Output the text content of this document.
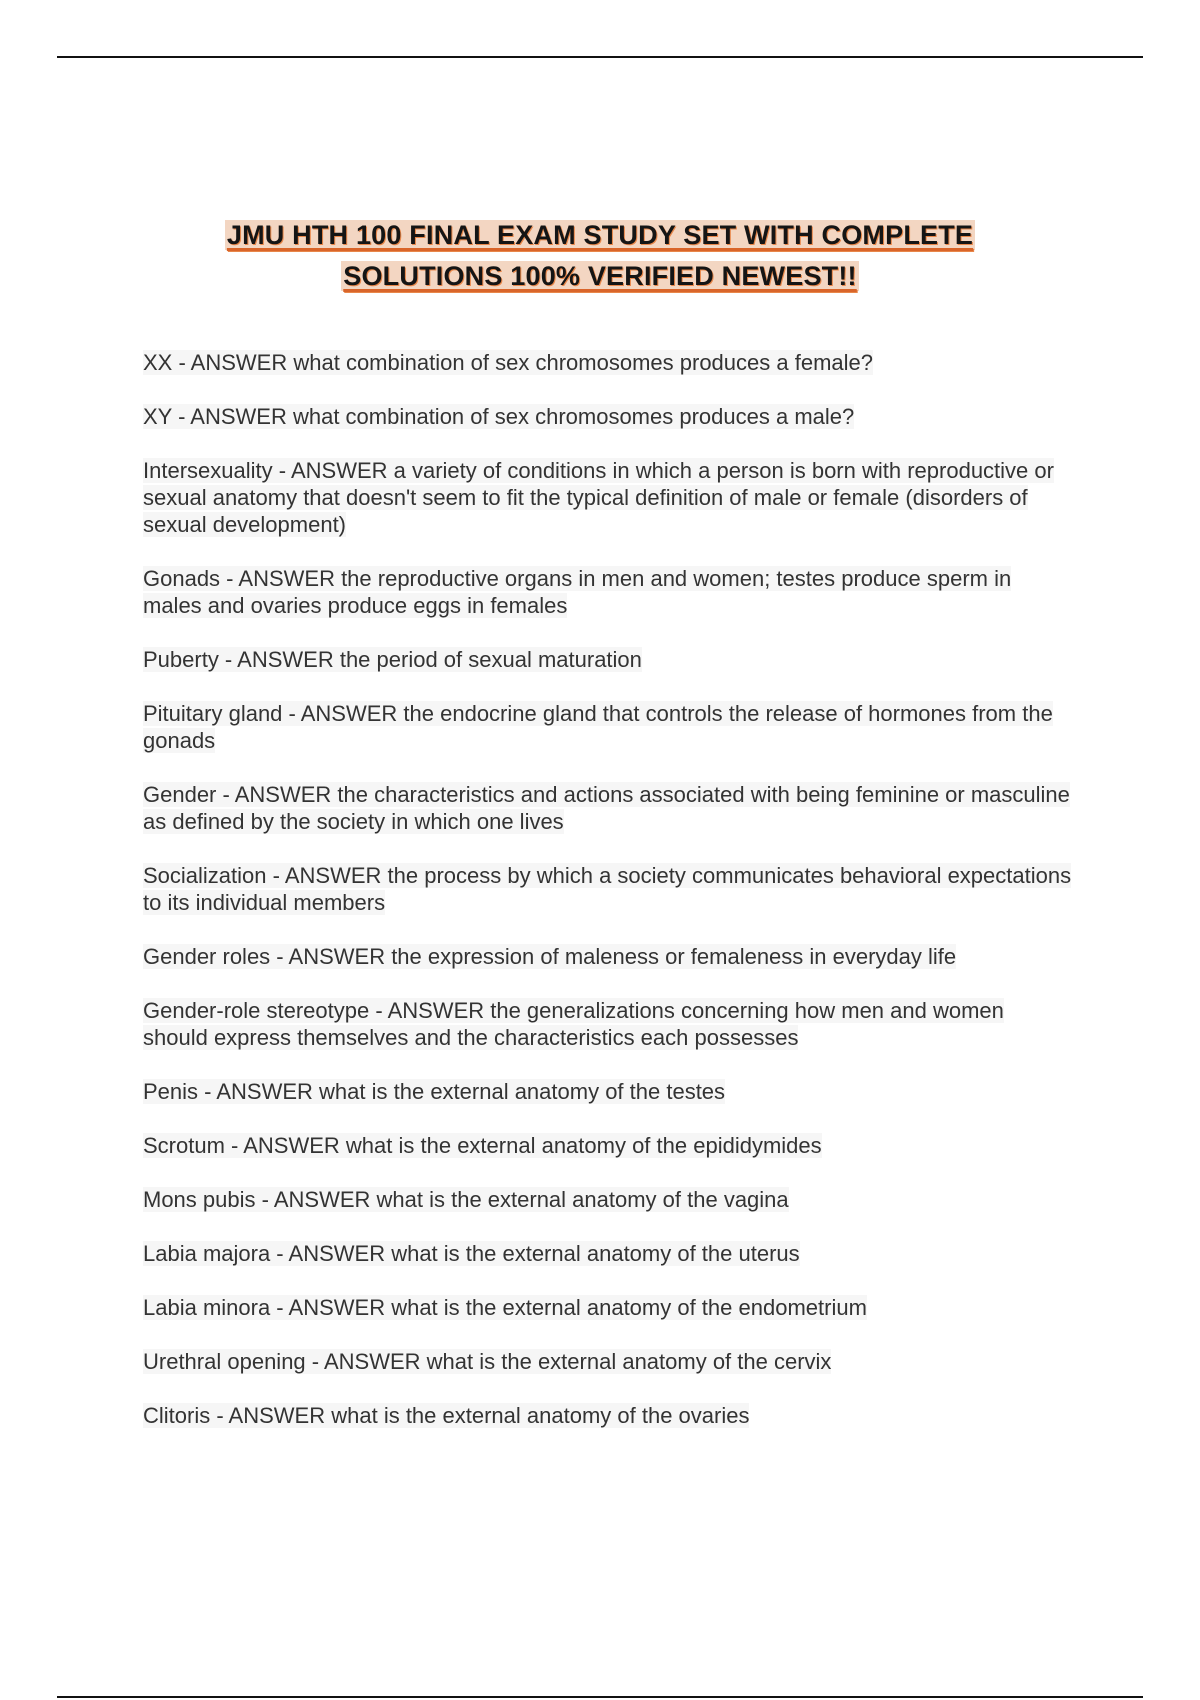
JMU HTH 100 FINAL EXAM STUDY SET WITH COMPLETE
SOLUTIONS 100% VERIFIED NEWEST!!
XX - ANSWER what combination of sex chromosomes produces a female?
XY - ANSWER what combination of sex chromosomes produces a male?
Intersexuality - ANSWER a variety of conditions in which a person is born with reproductive or sexual anatomy that doesn't seem to fit the typical definition of male or female (disorders of sexual development)
Gonads - ANSWER the reproductive organs in men and women; testes produce sperm in males and ovaries produce eggs in females
Puberty - ANSWER the period of sexual maturation
Pituitary gland - ANSWER the endocrine gland that controls the release of hormones from the gonads
Gender - ANSWER the characteristics and actions associated with being feminine or masculine as defined by the society in which one lives
Socialization - ANSWER the process by which a society communicates behavioral expectations to its individual members
Gender roles - ANSWER the expression of maleness or femaleness in everyday life
Gender-role stereotype - ANSWER the generalizations concerning how men and women should express themselves and the characteristics each possesses
Penis - ANSWER what is the external anatomy of the testes
Scrotum - ANSWER what is the external anatomy of the epididymides
Mons pubis - ANSWER what is the external anatomy of the vagina
Labia majora - ANSWER what is the external anatomy of the uterus
Labia minora - ANSWER what is the external anatomy of the endometrium
Urethral opening - ANSWER what is the external anatomy of the cervix
Clitoris - ANSWER what is the external anatomy of the ovaries
